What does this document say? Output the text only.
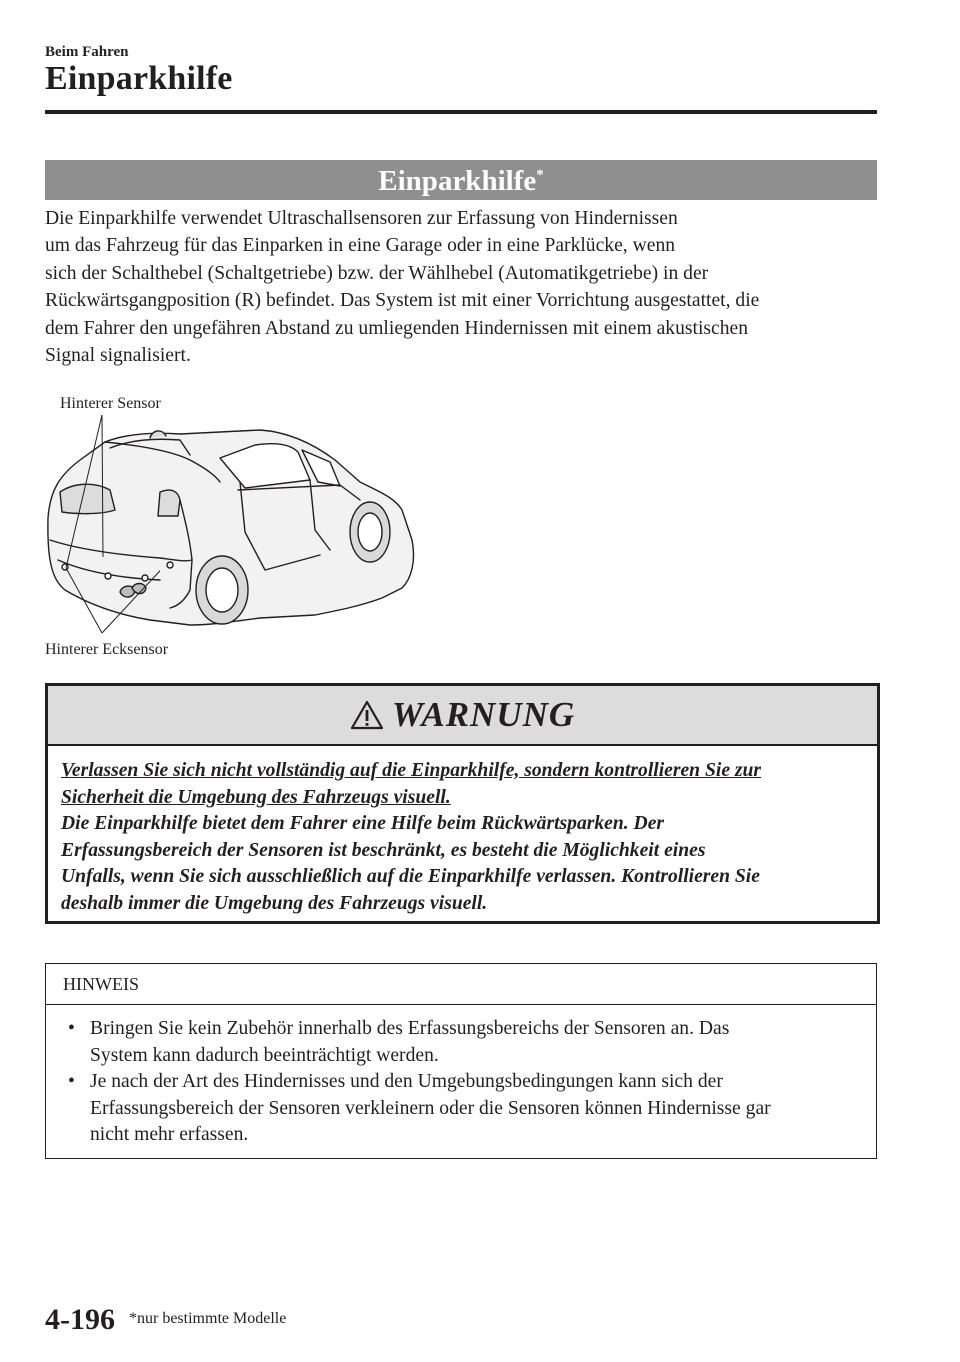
Beim Fahren
Einparkhilfe
Einparkhilfe*

Die Einparkhilfe verwendet Ultraschallsensoren zur Erfassung von Hindernissen
um das Fahrzeug für das Einparken in eine Garage oder in eine Parklücke, wenn
sich der Schalthebel (Schaltgetriebe) bzw. der Wählhebel (Automatikgetriebe) in der
Rückwärtsgangposition (R) befindet. Das System ist mit einer Vorrichtung ausgestattet, die
dem Fahrer den ungefähren Abstand zu umliegenden Hindernissen mit einem akustischen
Signal signalisiert.

Hinterer Sensor
Hinterer Ecksensor
WARNUNG
Verlassen Sie sich nicht vollständig auf die Einparkhilfe, sondern kontrollieren Sie zur
Sicherheit die Umgebung des Fahrzeugs visuell.
Die Einparkhilfe bietet dem Fahrer eine Hilfe beim Rückwärtsparken. Der
Erfassungsbereich der Sensoren ist beschränkt, es besteht die Möglichkeit eines
Unfalls, wenn Sie sich ausschließlich auf die Einparkhilfe verlassen. Kontrollieren Sie
deshalb immer die Umgebung des Fahrzeugs visuell.
HINWEIS
• Bringen Sie kein Zubehör innerhalb des Erfassungsbereichs der Sensoren an. Das
System kann dadurch beeinträchtigt werden.
• Je nach der Art des Hindernisses und den Umgebungsbedingungen kann sich der
Erfassungsbereich der Sensoren verkleinern oder die Sensoren können Hindernisse gar
nicht mehr erfassen.
4-196 *nur bestimmte Modelle
